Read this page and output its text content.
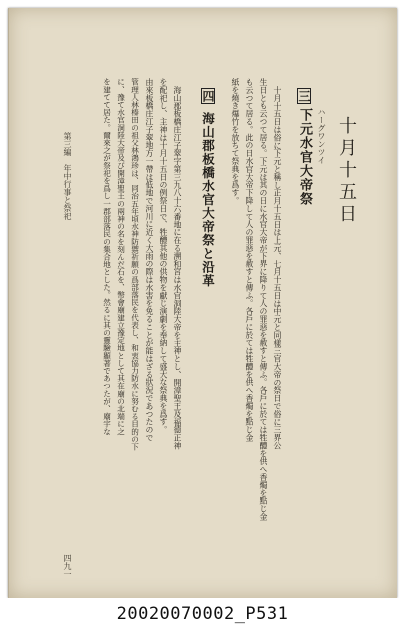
十月十五日
三
ハーグワンツイ
下元水官大帝祭
十月十五日は俗に下元と稱し正月十五日は上元、七月十五日は中元と同樣三官大帝の祭日で俗に三界公
生日とも云つて居る。下元は其の日に水官大帝が下界に降りて人の罪惡を赦すと傳ふ。各戶に於ては牲醴を供へ香燭を點じ金
も云つて居る。此の日水官大帝下降して人の罪惡を赦すと傳ふ。各戶に於ては牲醴を供へ香燭を點じ金
紙を燒き爆竹を放ちて祭典を爲す。
四
海山郡板橋水官大帝祭と沿革
海山郡板橋庄江子翠字第三九八十六番地に在る溯和宮は水官洞陸大帝を主神とし、開漳聖王及福德正神
を配祀し、主神は十月十五日の例祭日で、牲醴其他の供物を獻じ演劇を奉納して盛大な祭典を爲す。
由來板橋庄江子翠地方一帶は低地で河川に近く大雨の際は水害を免ることが能はざる狀況であつたので
管理人林榛田の祖父林鴻珍は、同治五年頃水神防禦祈願の爲部落民を代表し、和衷協力防水に努むる目的の下
に、豫て水官洞陸大帝及び開漳聖王の兩神の名を刻んだ石を、幣會廟建立豫定地として其在廟の北端に之
を建てて居た。爾來之が祭祀を爲し一郡部落民の集合地とした。然るに其の靈驗顯著であつたが、廟宇な
第三編　年中行事と祭祀
四九一
20020070002_P531
